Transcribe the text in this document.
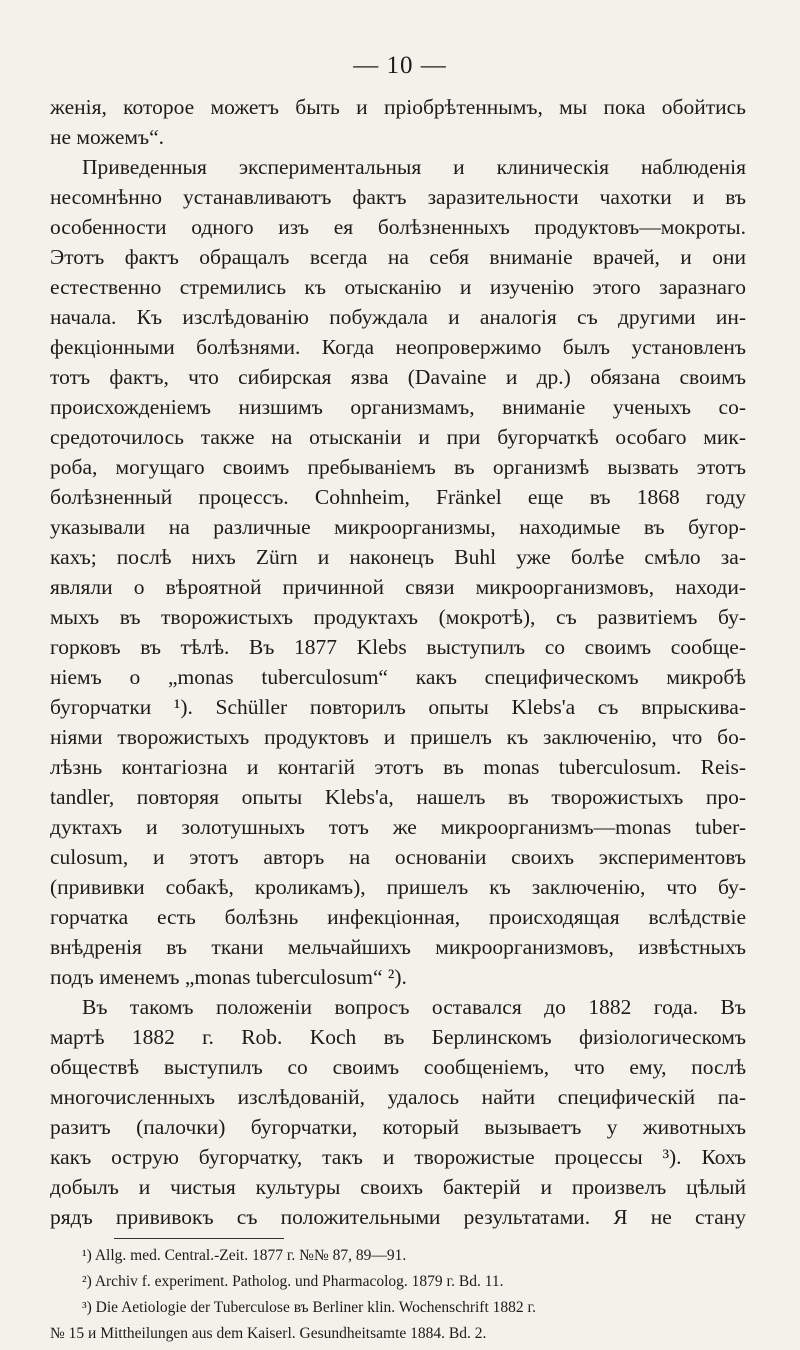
— 10 —
женія, которое можетъ быть и пріобрѣтеннымъ, мы пока обойтись
не можемъ“.
Приведенныя экспериментальныя и клиническія наблюденія
несомнѣнно устанавливаютъ фактъ заразительности чахотки и въ
особенности одного изъ ея болѣзненныхъ продуктовъ—мокроты.
Этотъ фактъ обращалъ всегда на себя вниманіе врачей, и они
естественно стремились къ отысканію и изученію этого заразнаго
начала. Къ изслѣдованію побуждала и аналогія съ другими ин-
фекціонными болѣзнями. Когда неопровержимо былъ установленъ
тотъ фактъ, что сибирская язва (Davaine и др.) обязана своимъ
происхожденіемъ низшимъ организмамъ, вниманіе ученыхъ со-
средоточилось также на отысканіи и при бугорчаткѣ особаго мик-
роба, могущаго своимъ пребываніемъ въ организмѣ вызвать этотъ
болѣзненный процессъ. Cohnheim, Fränkel еще въ 1868 году
указывали на различные микроорганизмы, находимые въ бугор-
кахъ; послѣ нихъ Zürn и наконецъ Buhl уже болѣе смѣло за-
являли о вѣроятной причинной связи микроорганизмовъ, находи-
мыхъ въ творожистыхъ продуктахъ (мокротѣ), съ развитіемъ бу-
горковъ въ тѣлѣ. Въ 1877 Klebs выступилъ со своимъ сообще-
ніемъ о „monas tuberculosum“ какъ специфическомъ микробѣ
бугорчатки ¹). Schüller повторилъ опыты Klebs'а съ впрыскива-
ніями творожистыхъ продуктовъ и пришелъ къ заключенію, что бо-
лѣзнь контагіозна и контагій этотъ въ monas tuberculosum. Reis-
tandler, повторяя опыты Klebs'а, нашелъ въ творожистыхъ про-
дуктахъ и золотушныхъ тотъ же микроорганизмъ—monas tuber-
culosum, и этотъ авторъ на основаніи своихъ экспериментовъ
(прививки собакѣ, кроликамъ), пришелъ къ заключенію, что бу-
горчатка есть болѣзнь инфекціонная, происходящая вслѣдствіе
внѣдренія въ ткани мельчайшихъ микроорганизмовъ, извѣстныхъ
подъ именемъ „monas tuberculosum“ ²).
Въ такомъ положеніи вопросъ оставался до 1882 года. Въ
мартѣ 1882 г. Rob. Koch въ Берлинскомъ физіологическомъ
обществѣ выступилъ со своимъ сообщеніемъ, что ему, послѣ
многочисленныхъ изслѣдованій, удалось найти специфическій па-
разитъ (палочки) бугорчатки, который вызываетъ у животныхъ
какъ острую бугорчатку, такъ и творожистые процессы ³). Кохъ
добылъ и чистыя культуры своихъ бактерій и произвелъ цѣлый
рядъ прививокъ съ положительными результатами. Я не стану
¹) Allg. med. Central.-Zeit. 1877 г. №№ 87, 89—91.
²) Archiv f. experiment. Patholog. und Pharmacolog. 1879 г. Bd. 11.
³) Die Aetiologie der Tuberculose въ Berliner klin. Wochenschrift 1882 г.
№ 15 и Mittheilungen aus dem Kaiserl. Gesundheitsamte 1884. Bd. 2.
